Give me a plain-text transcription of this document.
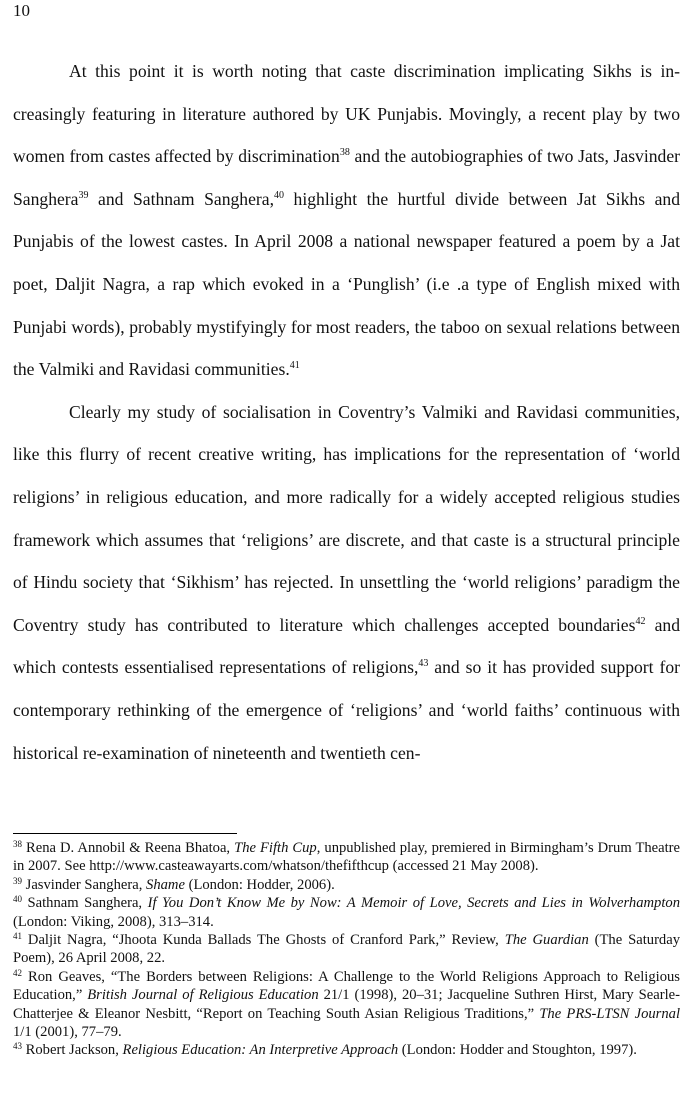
10

At this point it is worth noting that caste discrimination implicating Sikhs is increasingly featuring in literature authored by UK Punjabis. Movingly, a recent play by two women from castes affected by discrimination$^{38}$ and the autobiographies of two Jats, Jasvinder Sanghera$^{39}$ and Sathnam Sanghera,$^{40}$ highlight the hurtful divide between Jat Sikhs and Punjabis of the lowest castes. In April 2008 a national newspaper featured a poem by a Jat poet, Daljit Nagra, a rap which evoked in a ‘Punglish’ (i.e .a type of English mixed with Punjabi words), probably mystifyingly for most readers, the taboo on sexual relations between the Valmiki and Ravidasi communities.$^{41}$

Clearly my study of socialisation in Coventry’s Valmiki and Ravidasi communities, like this flurry of recent creative writing, has implications for the representation of ‘world religions’ in religious education, and more radically for a widely accepted religious studies framework which assumes that ‘religions’ are discrete, and that caste is a structural principle of Hindu society that ‘Sikhism’ has rejected. In unsettling the ‘world religions’ paradigm the Coventry study has contributed to literature which challenges accepted boundaries$^{42}$ and which contests essentialised representations of religions,$^{43}$ and so it has provided support for contemporary rethinking of the emergence of ‘religions’ and ‘world faiths’ continuous with historical re-examination of nineteenth and twentieth cen-

$^{38}$ Rena D. Annobil & Reena Bhatoa, The Fifth Cup, unpublished play, premiered in Birmingham’s Drum Theatre in 2007. See http://www.casteawayarts.com/whatson/thefifthcup (accessed 21 May 2008).

$^{39}$ Jasvinder Sanghera, Shame (London: Hodder, 2006).

$^{40}$ Sathnam Sanghera, If You Don’t Know Me by Now: A Memoir of Love, Secrets and Lies in Wolverhampton (London: Viking, 2008), 313–314.

$^{41}$ Daljit Nagra, “Jhoota Kunda Ballads The Ghosts of Cranford Park,” Review, The Guardian (The Saturday Poem), 26 April 2008, 22.

$^{42}$ Ron Geaves, “The Borders between Religions: A Challenge to the World Religions Approach to Religious Education,” British Journal of Religious Education 21/1 (1998), 20–31; Jacqueline Suthren Hirst, Mary Searle-Chatterjee & Eleanor Nesbitt, “Report on Teaching South Asian Religious Traditions,” The PRS-LTSN Journal 1/1 (2001), 77–79.

$^{43}$ Robert Jackson, Religious Education: An Interpretive Approach (London: Hodder and Stoughton, 1997).
